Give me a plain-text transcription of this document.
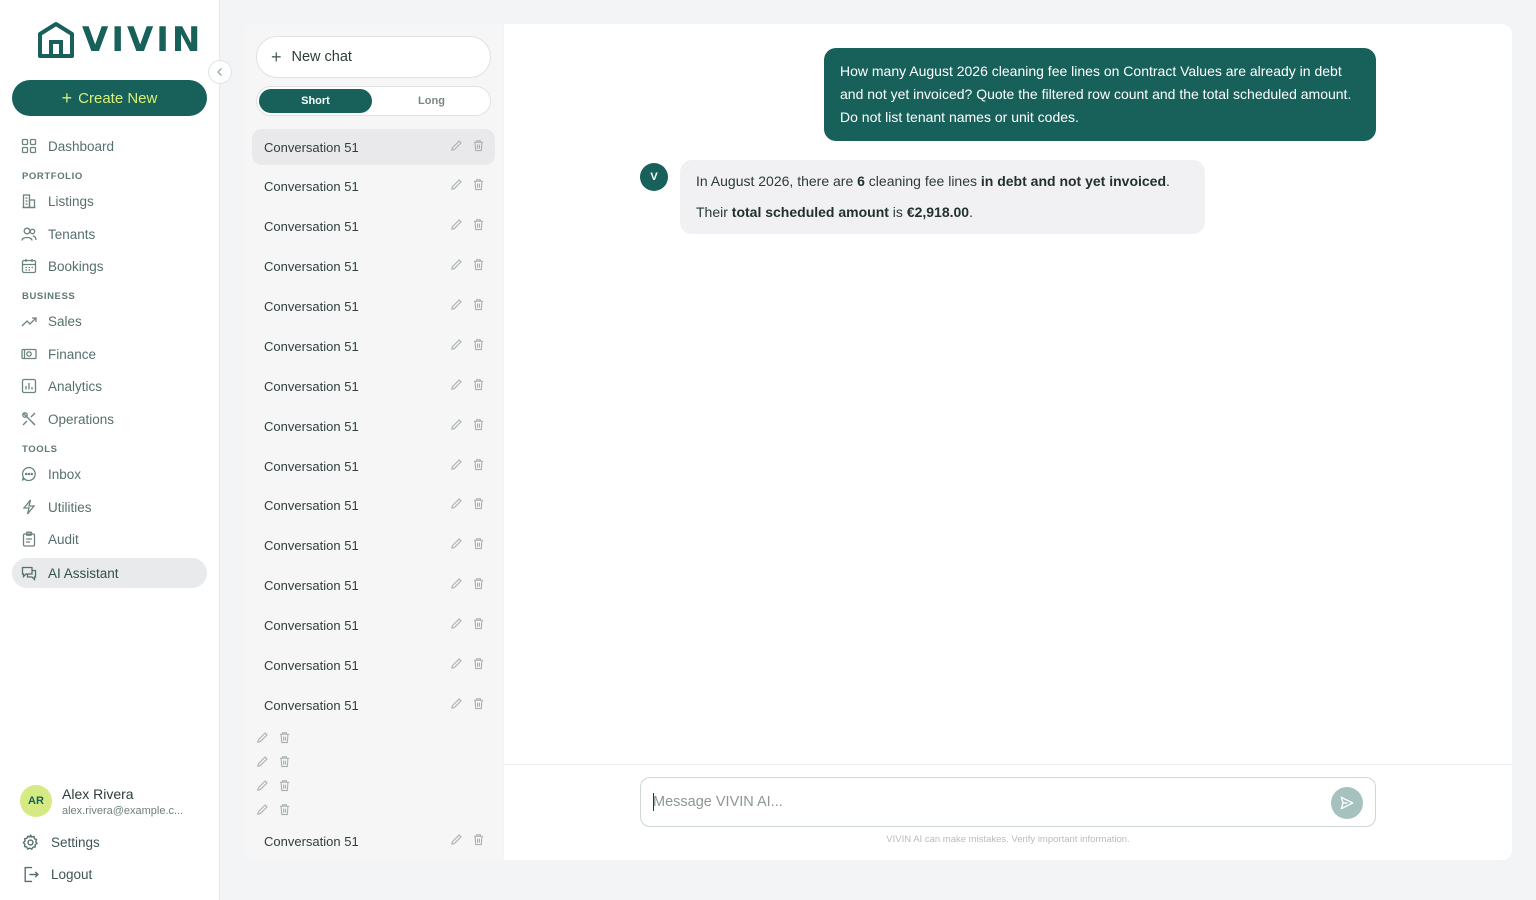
VIVIN
+ Create New
Dashboard
PORTFOLIO
Listings
Tenants
Bookings
BUSINESS
Sales
Finance
Analytics
Operations
TOOLS
Inbox
Utilities
Audit
AI Assistant
AR	Alex Rivera
alex.rivera@example.c...
Settings
Logout
+ New chat
Short	Long
Conversation 51
Conversation 51
Conversation 51
Conversation 51
Conversation 51
Conversation 51
Conversation 51
Conversation 51
Conversation 51
Conversation 51
Conversation 51
Conversation 51
Conversation 51
Conversation 51
Conversation 51
Conversation 51
How many August 2026 cleaning fee lines on Contract Values are already in debt and not yet invoiced? Quote the filtered row count and the total scheduled amount. Do not list tenant names or unit codes.
V	In August 2026, there are 6 cleaning fee lines in debt and not yet invoiced.

Their total scheduled amount is €2,918.00.

Message VIVIN AI...
VIVIN AI can make mistakes. Verify important information.
